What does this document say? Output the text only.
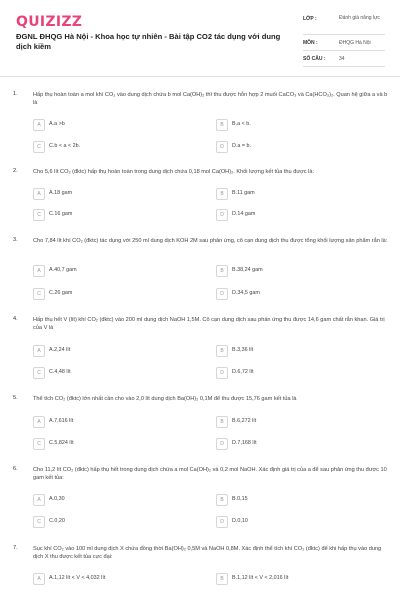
QUIZIZZ
ĐGNL ĐHQG Hà Nội - Khoa học tự nhiên - Bài tập CO2 tác dụng với dung dịch kiềm
LỚP :	Đánh giá năng lực
MÔN :	ĐHQG Hà Nội
SỐ CÂU :	34
1.	Hấp thụ hoàn toàn a mol khí CO₂ vào dung dịch chứa b mol Ca(OH)₂ thì thu được hỗn hợp 2 muối CaCO₃ và Ca(HCO₃)₂. Quan hệ giữa a và b là
A	A.a >b	B	B.a < b.
C	C.b < a < 2b.	D	D.a = b.
2.	Cho 5,6 lít CO₂ (đktc) hấp thụ hoàn toàn trong dung dịch chứa 0,18 mol Ca(OH)₂. Khối lượng kết tủa thu được là:
A	A.18 gam	B	B.11 gam
C	C.16 gam	D	D.14 gam
3.	Cho 7,84 lít khí CO₂ (đktc) tác dụng với 250 ml dung dịch KOH 2M sau phản ứng, cô cạn dung dịch thu được tổng khối lượng sản phẩm rắn là:
A	A.40,7 gam	B	B.38,24 gam
C	C.26 gam	D	D.34,5 gam
4.	Hấp thụ hết V (lít) khí CO₂ (đktc) vào 200 ml dung dịch NaOH 1,5M. Cô cạn dung dịch sau phản ứng thu được 14,6 gam chất rắn khan. Giá trị của V là
A	A.2,24 lít	B	B.3,36 lít
C	C.4,48 lít	D	D.6,72 lít
5.	Thể tích CO₂ (đktc) lớn nhất cần cho vào 2,0 lít dung dịch Ba(OH)₂ 0,1M để thu được 15,76 gam kết tủa là
A	A.7,616 lít	B	B.6,272 lít
C	C.5,824 lít	D	D.7,168 lít
6.	Cho 11,2 lít CO₂ (đktc) hấp thụ hết trong dung dịch chứa a mol Ca(OH)₂ và 0,2 mol NaOH. Xác định giá trị của a để sau phản ứng thu được 10 gam kết tủa:
A	A.0,30	B	B.0,15
C	C.0,20	D	D.0,10
7.	Sục khí CO₂ vào 100 ml dung dịch X chứa đồng thời Ba(OH)₂ 0,5M và NaOH 0,8M. Xác định thể tích khí CO₂ (đktc) để khi hấp thụ vào dung dịch X thu được kết tủa cực đại:
A	A.1,12 lít < V < 4,032 lít	B	B.1,12 lít < V < 2,016 lít
